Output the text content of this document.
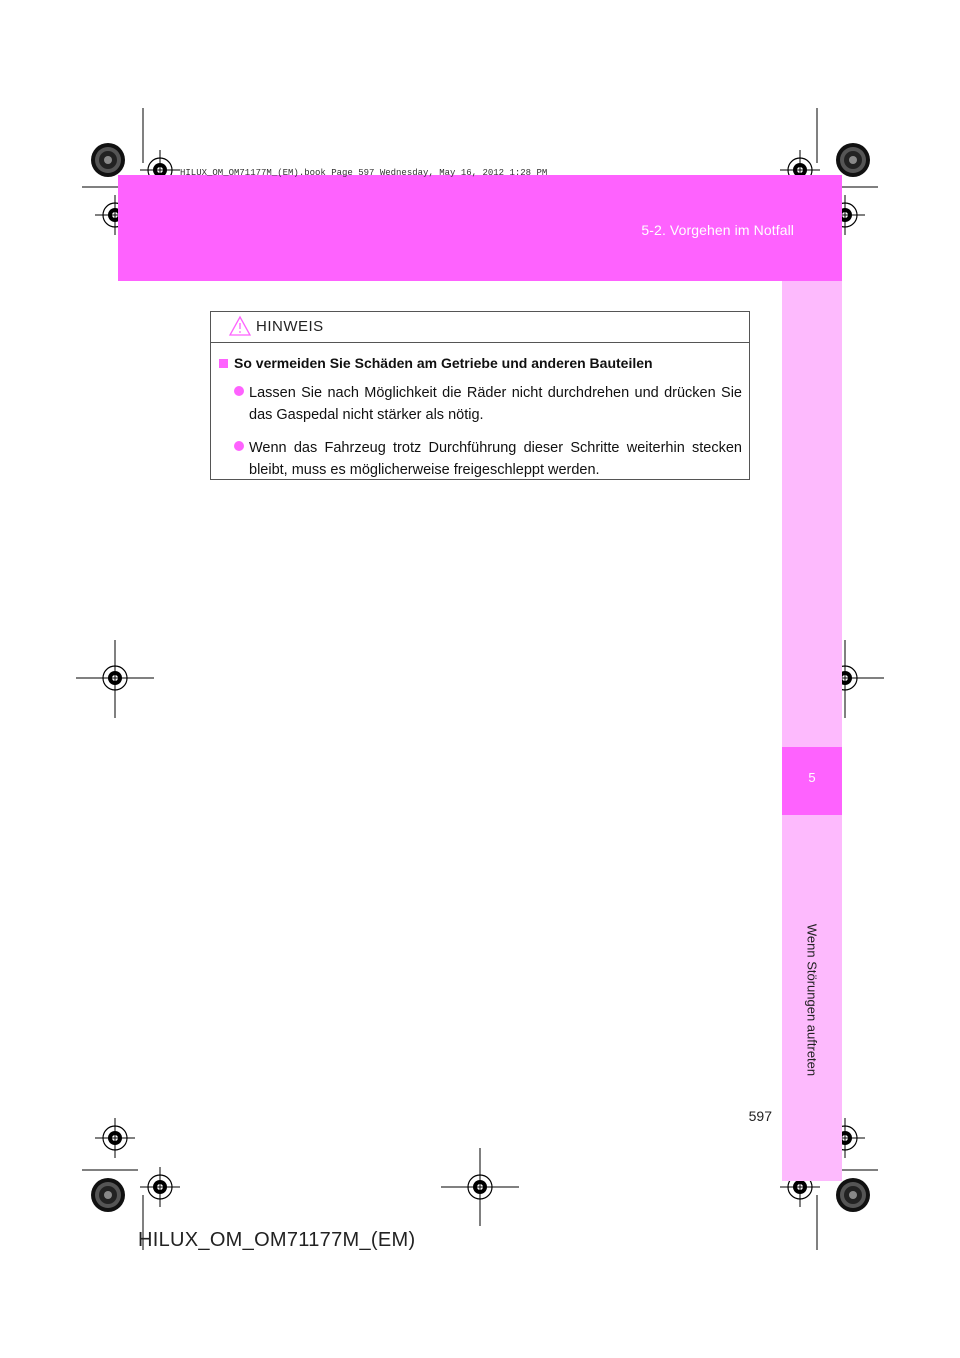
HILUX_OM_OM71177M_(EM).book Page 597 Wednesday, May 16, 2012 1:28 PM
5-2. Vorgehen im Notfall
5
Wenn Störungen auftreten
HINWEIS
So vermeiden Sie Schäden am Getriebe und anderen Bauteilen
Lassen Sie nach Möglichkeit die Räder nicht durchdrehen und drücken Sie das Gaspedal nicht stärker als nötig.
Wenn das Fahrzeug trotz Durchführung dieser Schritte weiterhin stecken bleibt, muss es möglicherweise freigeschleppt werden.
597
HILUX_OM_OM71177M_(EM)
